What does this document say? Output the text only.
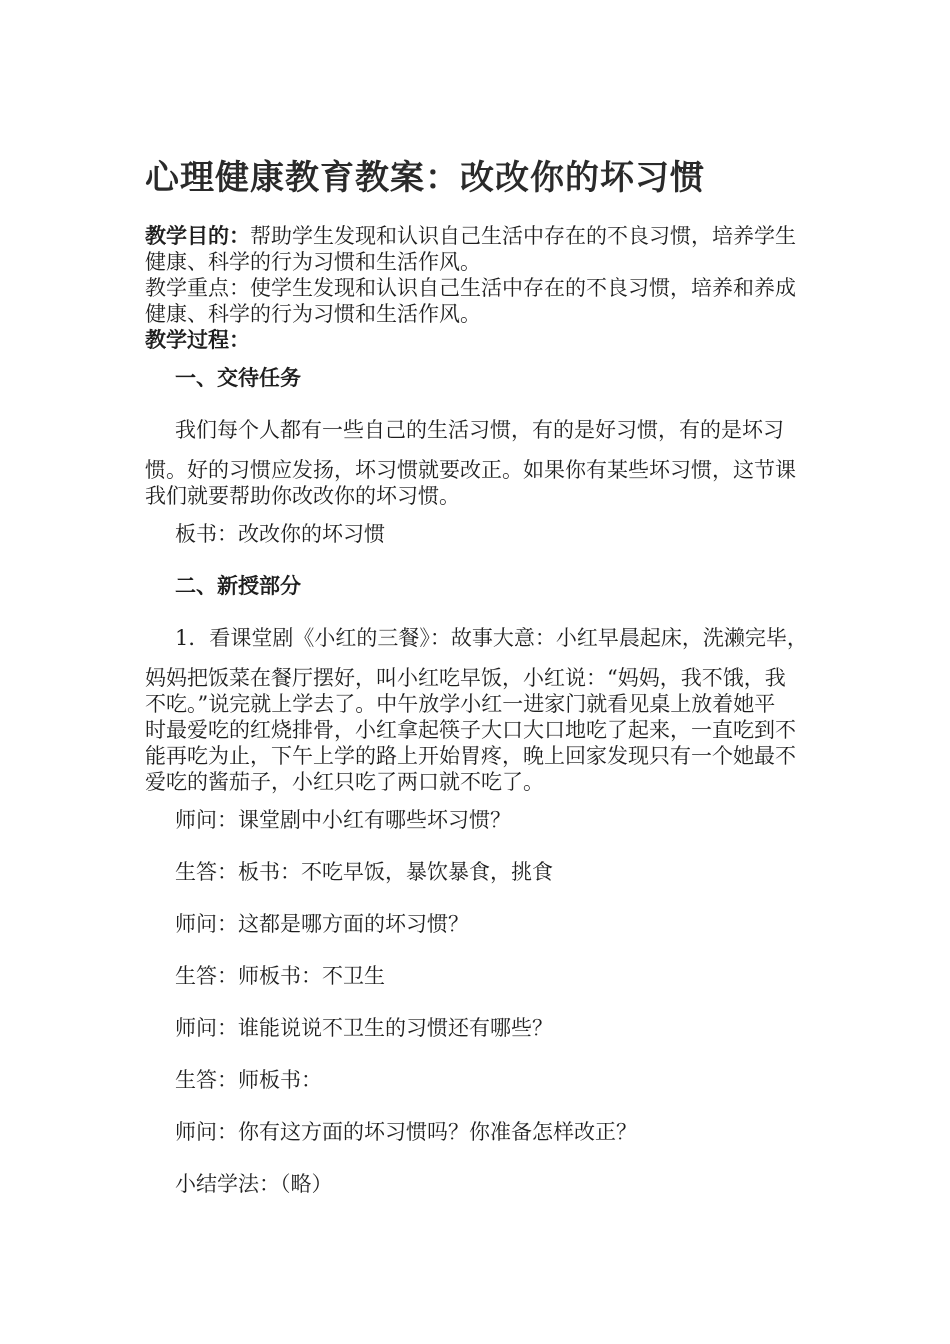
心理健康教育教案：改改你的坏习惯
教学目的：帮助学生发现和认识自己生活中存在的不良习惯，培养学生
健康、科学的行为习惯和生活作风。
教学重点：使学生发现和认识自己生活中存在的不良习惯，培养和养成
健康、科学的行为习惯和生活作风。
教学过程：
一、交待任务
我们每个人都有一些自己的生活习惯，有的是好习惯，有的是坏习
惯。好的习惯应发扬，坏习惯就要改正。如果你有某些坏习惯，这节课
我们就要帮助你改改你的坏习惯。
板书：改改你的坏习惯
二、新授部分
1．看课堂剧《小红的三餐》：故事大意：小红早晨起床，洗濑完毕，
妈妈把饭菜在餐厅摆好，叫小红吃早饭，小红说：“妈妈，我不饿，我
不吃。”说完就上学去了。中午放学小红一进家门就看见桌上放着她平
时最爱吃的红烧排骨，小红拿起筷子大口大口地吃了起来，一直吃到不
能再吃为止，下午上学的路上开始胃疼，晚上回家发现只有一个她最不
爱吃的酱茄子，小红只吃了两口就不吃了。
师问：课堂剧中小红有哪些坏习惯？
生答：板书：不吃早饭，暴饮暴食，挑食
师问：这都是哪方面的坏习惯？
生答：师板书：不卫生
师问：谁能说说不卫生的习惯还有哪些？
生答：师板书：
师问：你有这方面的坏习惯吗？你准备怎样改正？
小结学法：（略）
